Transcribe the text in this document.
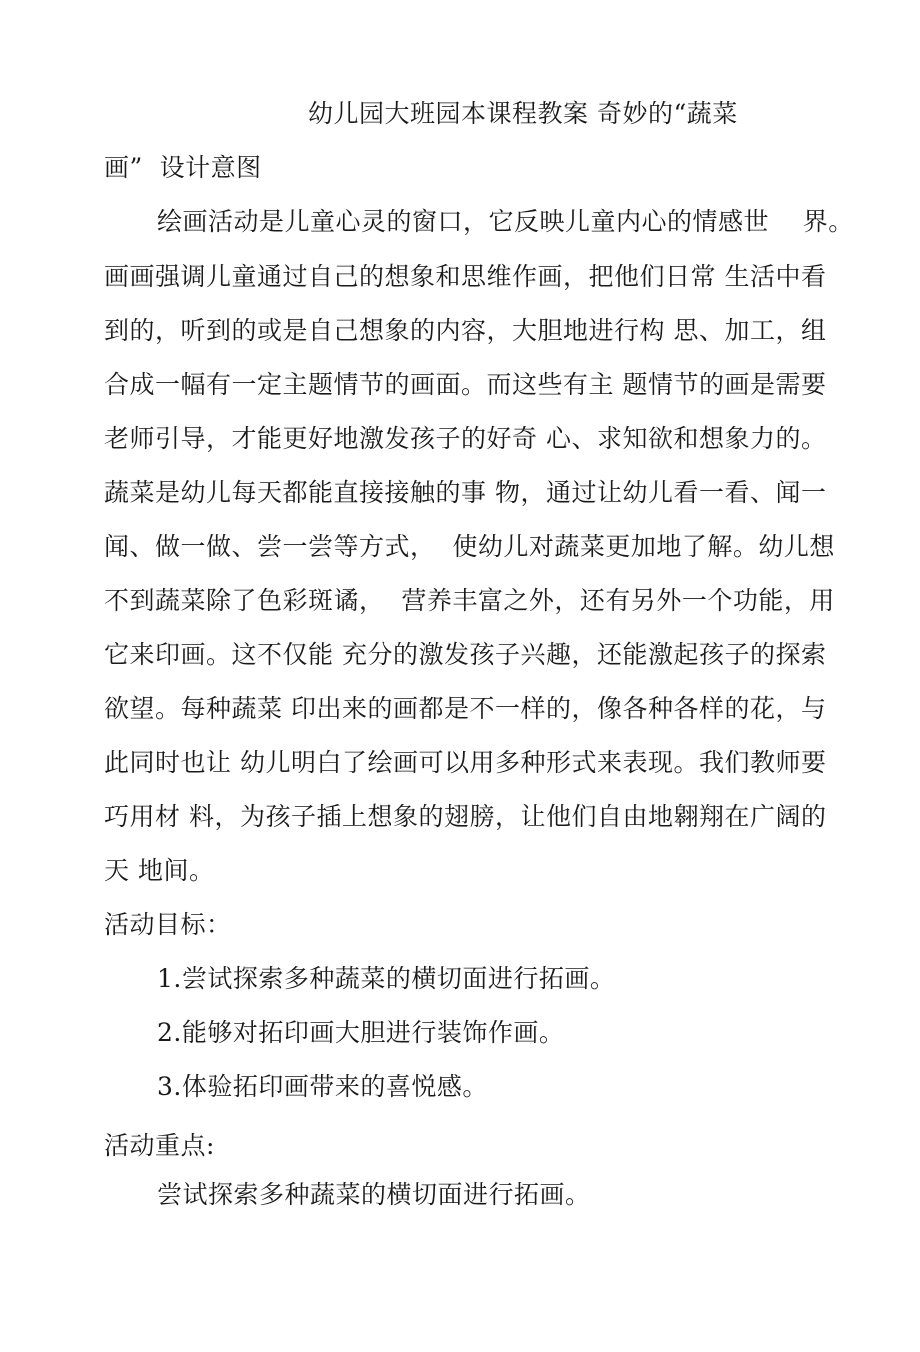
幼儿园大班园本课程教案 奇妙的“蔬菜
画”  设计意图
绘画活动是儿童心灵的窗口，它反映儿童内心的情感世    界。
画画强调儿童通过自己的想象和思维作画，把他们日常 生活中看
到的，听到的或是自己想象的内容，大胆地进行构 思、加工，组
合成一幅有一定主题情节的画面。而这些有主 题情节的画是需要
老师引导，才能更好地激发孩子的好奇 心、求知欲和想象力的。
蔬菜是幼儿每天都能直接接触的事 物，通过让幼儿看一看、闻一
闻、做一做、尝一尝等方式，  使幼儿对蔬菜更加地了解。幼儿想
不到蔬菜除了色彩斑谲，  营养丰富之外，还有另外一个功能，用
它来印画。这不仅能 充分的激发孩子兴趣，还能激起孩子的探索
欲望。每种蔬菜 印出来的画都是不一样的，像各种各样的花，与
此同时也让 幼儿明白了绘画可以用多种形式来表现。我们教师要
巧用材 料，为孩子插上想象的翅膀，让他们自由地翱翔在广阔的
天 地间。
活动目标：
1.尝试探索多种蔬菜的横切面进行拓画。
2.能够对拓印画大胆进行装饰作画。
3.体验拓印画带来的喜悦感。
活动重点:
尝试探索多种蔬菜的横切面进行拓画。
